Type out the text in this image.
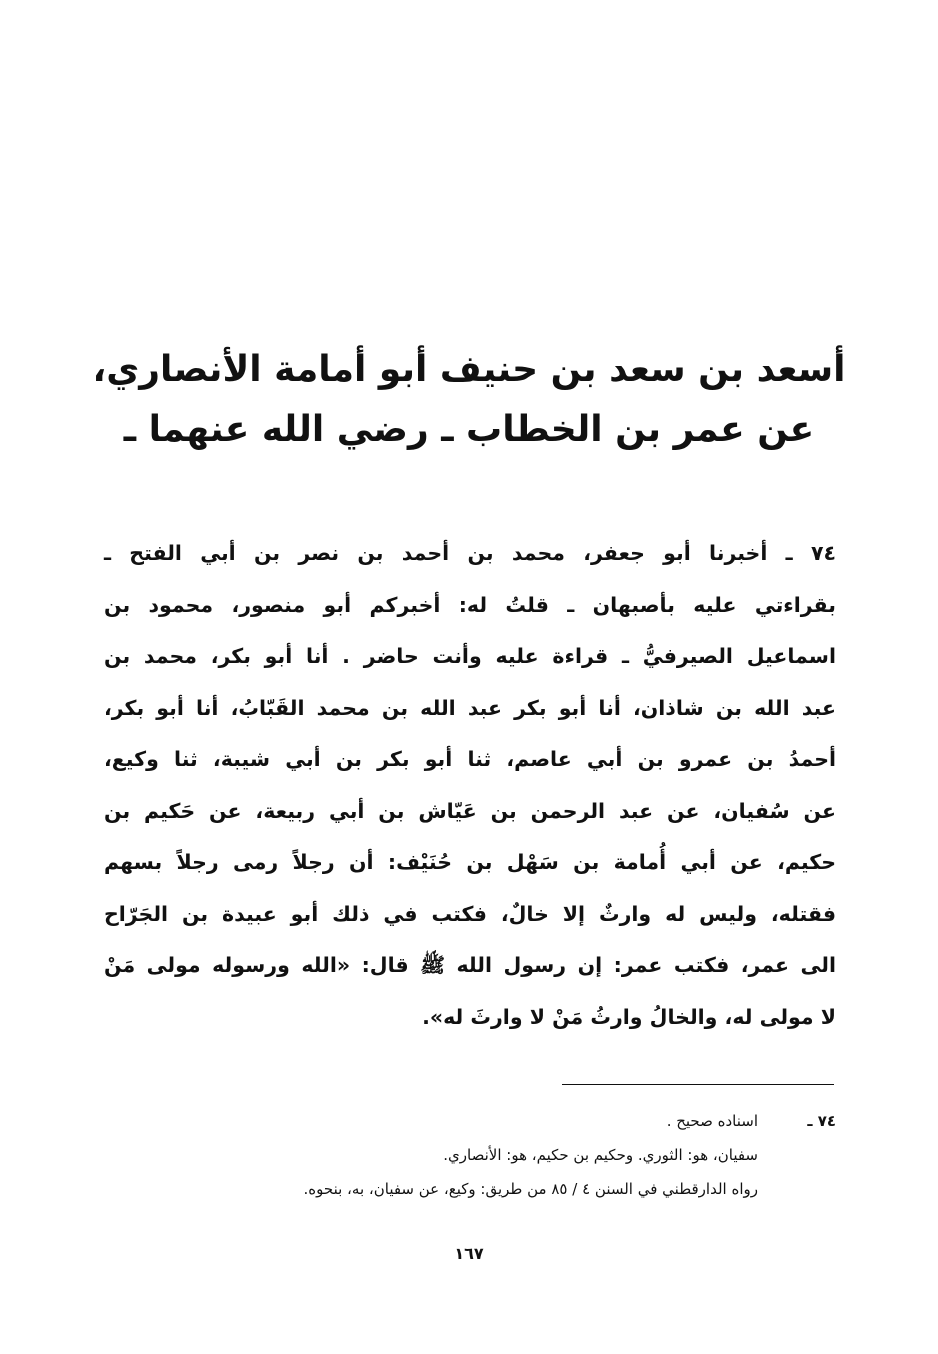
أسعد بن سعد بن حنيف أبو أمامة الأنصاري،
عن عمر بن الخطاب ـ رضي الله عنهما ـ
٧٤ ـ أخبرنا أبو جعفر، محمد بن أحمد بن نصر بن أبي الفتح ـ
بقراءتي عليه بأصبهان ـ قلتُ له: أخبركم أبو منصور، محمود بن
اسماعيل الصيرفيُّ ـ قراءة عليه وأنت حاضر . أنا أبو بكر، محمد بن
عبد الله بن شاذان، أنا أبو بكر عبد الله بن محمد القَبّابُ، أنا أبو بكر،
أحمدُ بن عمرو بن أبي عاصم، ثنا أبو بكر بن أبي شيبة، ثنا وكيع،
عن سُفيان، عن عبد الرحمن بن عَيّاش بن أبي ربيعة، عن حَكيم بن
حكيم، عن أبي أُمامة بن سَهْل بن حُنَيْف: أن رجلاً رمى رجلاً بسهم
فقتله، وليس له وارثٌ إلا خالٌ، فكتب في ذلك أبو عبيدة بن الجَرّاح
الى عمر، فكتب عمر: إن رسول الله ﷺ قال: «الله ورسوله مولى مَنْ
لا مولى له، والخالُ وارثُ مَنْ لا وارثَ له».
٧٤ ـ
اسناده صحيح .
سفيان، هو: الثوري. وحكيم بن حكيم، هو: الأنصاري.
رواه الدارقطني في السنن ٤ / ٨٥ من طريق: وكيع، عن سفيان، به، بنحوه.
١٦٧
